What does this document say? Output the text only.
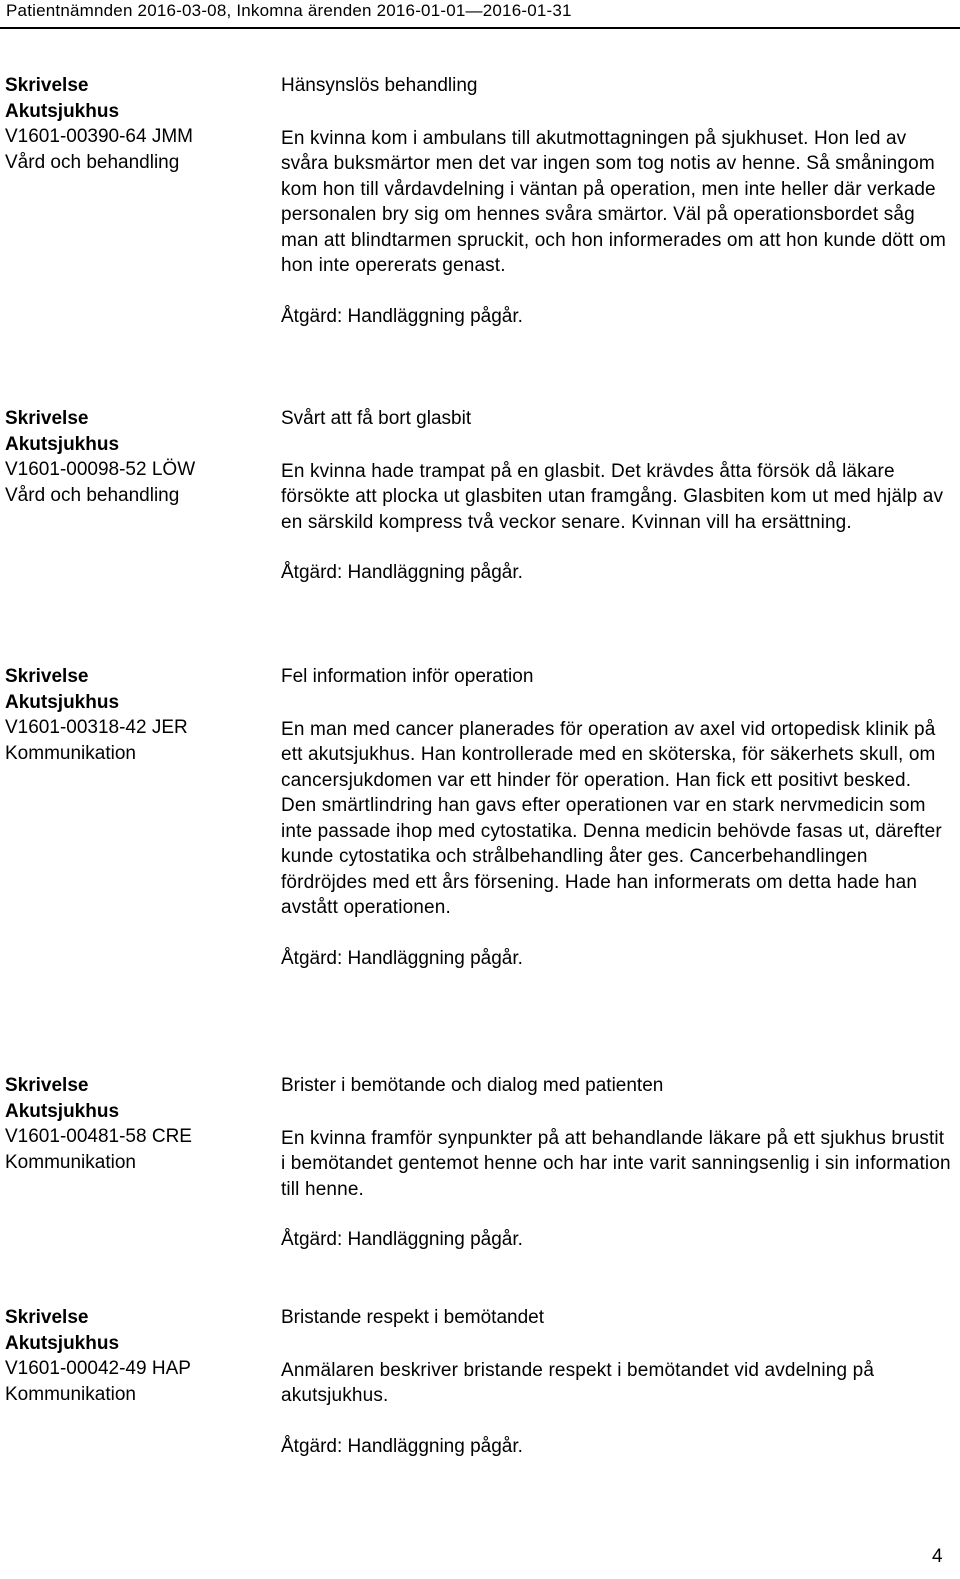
Patientnämnden 2016-03-08, Inkomna ärenden 2016-01-01—2016-01-31
Skrivelse
Akutsjukhus
V1601-00390-64 JMM
Vård och behandling
Hänsynslös behandling
En kvinna kom i ambulans till akutmottagningen på sjukhuset. Hon led av svåra buksmärtor men det var ingen som tog notis av henne. Så småningom kom hon till vårdavdelning i väntan på operation, men inte heller där verkade personalen bry sig om hennes svåra smärtor. Väl på operationsbordet såg man att blindtarmen spruckit, och hon informerades om att hon kunde dött om hon inte opererats genast.
Åtgärd: Handläggning pågår.
Skrivelse
Akutsjukhus
V1601-00098-52 LÖW
Vård och behandling
Svårt att få bort glasbit
En kvinna hade trampat på en glasbit. Det krävdes åtta försök då läkare försökte att plocka ut glasbiten utan framgång. Glasbiten kom ut med hjälp av en särskild kompress två veckor senare. Kvinnan vill ha ersättning.
Åtgärd: Handläggning pågår.
Skrivelse
Akutsjukhus
V1601-00318-42 JER
Kommunikation
Fel information inför operation
En man med cancer planerades för operation av axel vid ortopedisk klinik på ett akutsjukhus. Han kontrollerade med en sköterska, för säkerhets skull, om cancersjukdomen var ett hinder för operation. Han fick ett positivt besked. Den smärtlindring han gavs efter operationen var en stark nervmedicin som inte passade ihop med cytostatika. Denna medicin behövde fasas ut, därefter kunde cytostatika och strålbehandling åter ges. Cancerbehandlingen fördröjdes med ett års försening. Hade han informerats om detta hade han avstått operationen.
Åtgärd: Handläggning pågår.
Skrivelse
Akutsjukhus
V1601-00481-58 CRE
Kommunikation
Brister i bemötande och dialog med patienten
En kvinna framför synpunkter på att behandlande läkare på ett sjukhus brustit i bemötandet gentemot henne och har inte varit sanningsenlig i sin information till henne.
Åtgärd: Handläggning pågår.
Skrivelse
Akutsjukhus
V1601-00042-49 HAP
Kommunikation
Bristande respekt i bemötandet
Anmälaren beskriver bristande respekt i bemötandet vid avdelning på akutsjukhus.
Åtgärd: Handläggning pågår.
4
